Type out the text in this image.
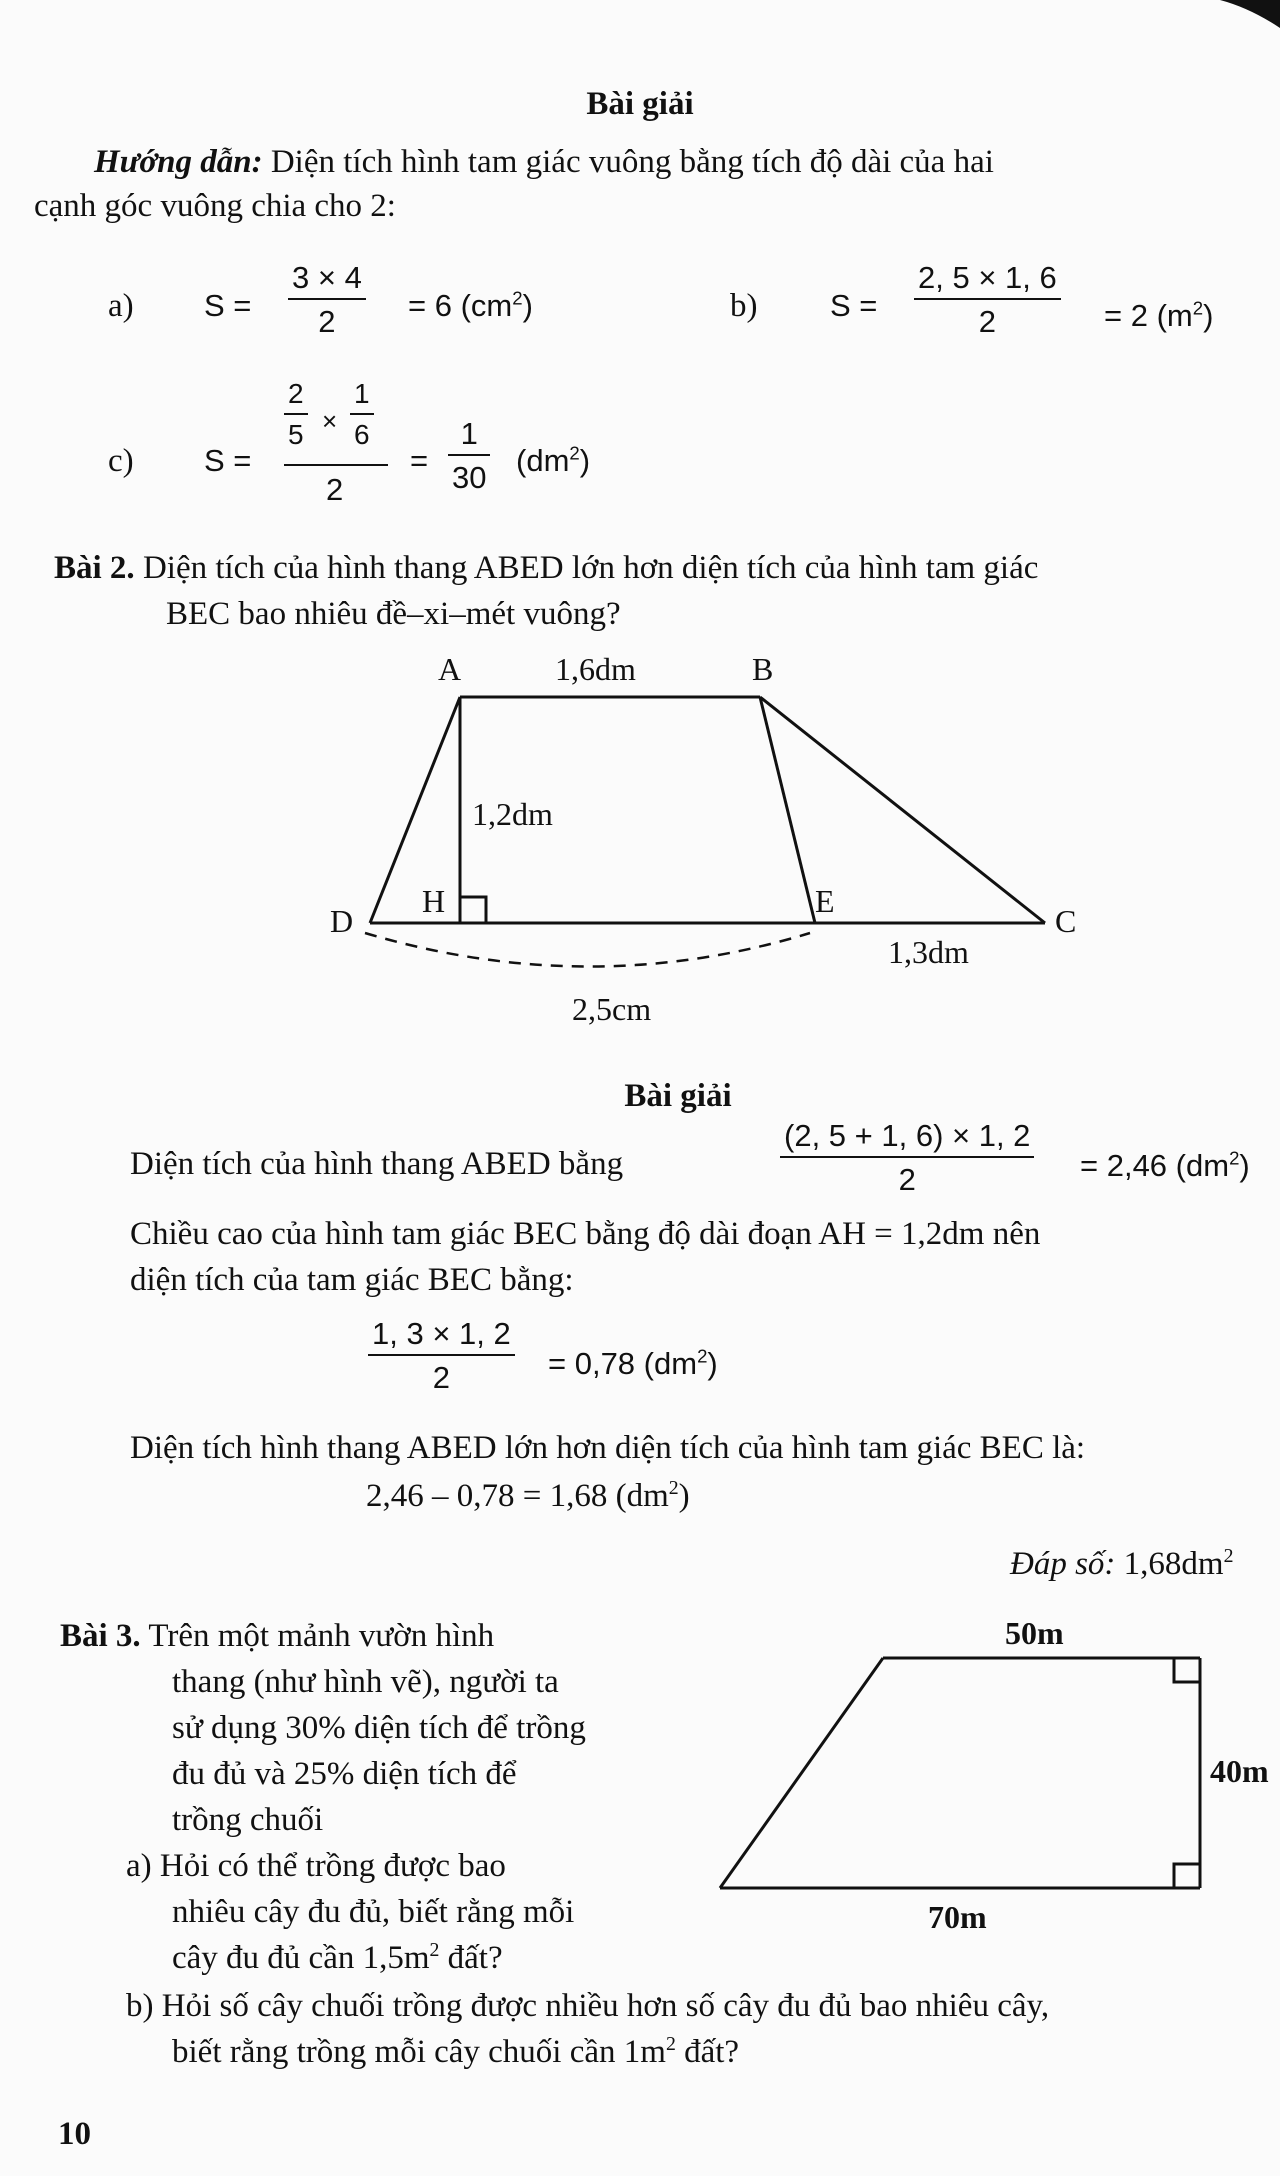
Bài giải
Hướng dẫn: Diện tích hình tam giác vuông bằng tích độ dài của hai
cạnh góc vuông chia cho 2:
a) $S = \frac{3 \times 4}{2} = 6$ $(cm^2)$	b) $S = \frac{2, 5 \times 1, 6}{2} = 2$ $(m^2)$
c) S =
$\frac{2}{5} \times \frac{1}{6}$
2
= $\frac{1}{30} (dm^2)$
Bài 2. Diện tích của hình thang ABED lớn hơn diện tích của hình tam giác
BEC bao nhiêu đề–xi–mét vuông?
A	1,6dm	B
1,2dm
D
H	E
C
1,3dm
2,5cm
Bài giải
Diện tích của hình thang ABED bằng	$\frac{(2, 5 + 1, 6) \times 1, 2}{2} = 2,46$ $(dm^2)$
Chiều cao của hình tam giác BEC bằng độ dài đoạn AH = 1,2dm nên
diện tích của tam giác BEC bằng:
$\frac{1, 3 \times 1, 2}{2} = 0,78$ $(dm^2)$
Diện tích hình thang ABED lớn hơn diện tích của hình tam giác BEC là:
2,46 – 0,78 = 1,68 $(dm^2)$
Đáp số: $1,68dm^2$
Bài 3. Trên một mảnh vườn hình
thang (như hình vẽ), người ta
sử dụng 30% diện tích để trồng
đu đủ và 25% diện tích để
trồng chuối
a) Hỏi có thể trồng được bao
nhiêu cây đu đủ, biết rằng mỗi
cây đu đủ cần $1,5m^2$ đất?
b) Hỏi số cây chuối trồng được nhiều hơn số cây đu đủ bao nhiêu cây,
biết rằng trồng mỗi cây chuối cần $1m^2$ đất?
50m
40m
70m
10
